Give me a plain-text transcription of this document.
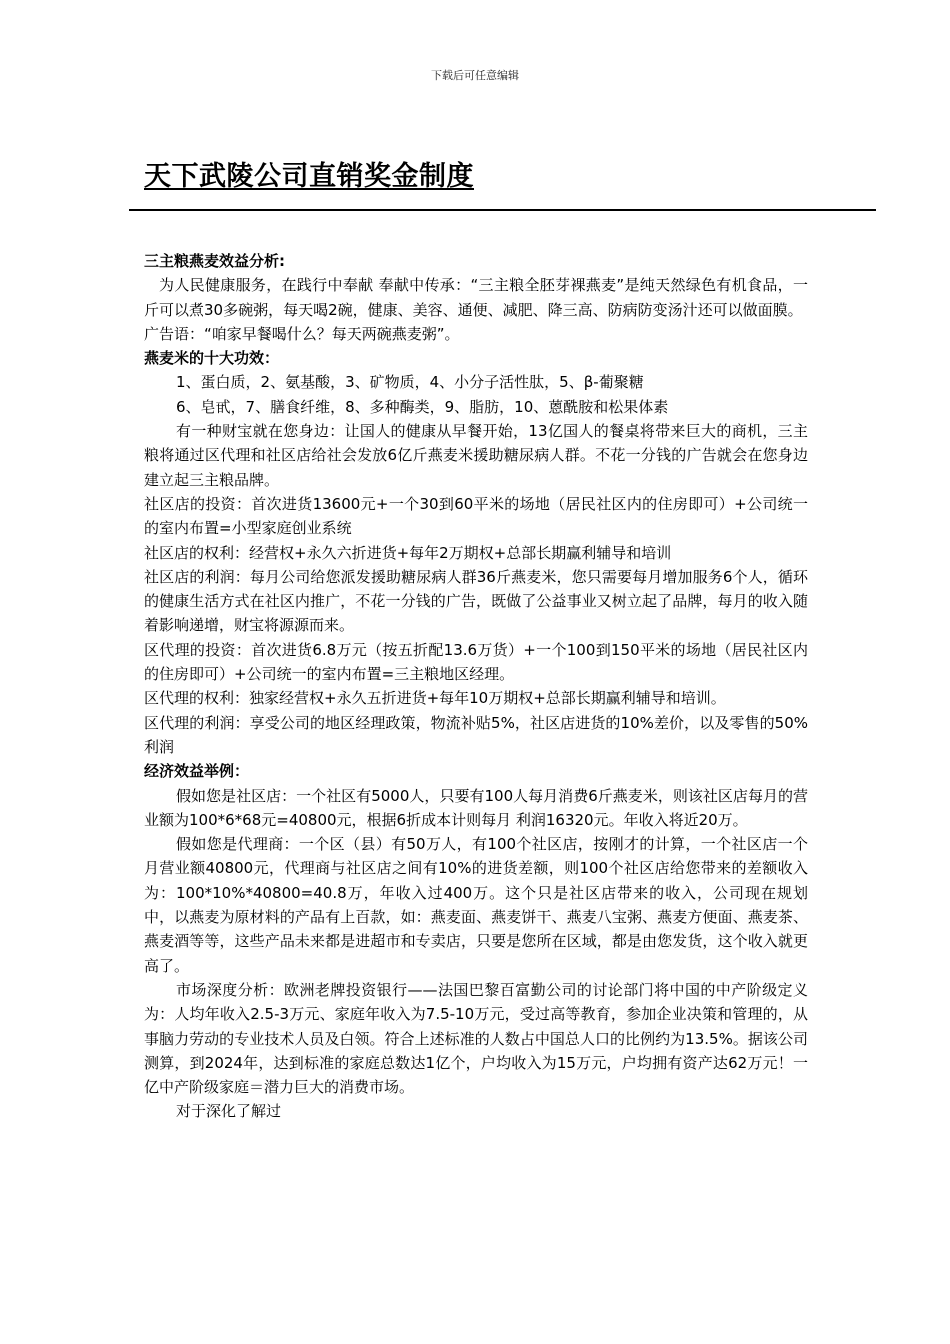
下载后可任意编辑
天下武陵公司直销奖金制度

三主粮燕麦效益分析:

为人民健康服务，在践行中奉献 奉献中传承：“三主粮全胚芽裸燕麦”是纯天然绿色有机食品，一斤可以煮30多碗粥，每天喝2碗，健康、美容、通便、减肥、降三高、防病防变汤汁还可以做面膜。

广告语：“咱家早餐喝什么？每天两碗燕麦粥”。

燕麦米的十大功效：

1、蛋白质，2、氨基酸，3、矿物质，4、小分子活性肽，5、β-葡聚糖

6、皂甙，7、膳食纤维，8、多种酶类，9、脂肪，10、蒽酰胺和松果体素

有一种财宝就在您身边：让国人的健康从早餐开始，13亿国人的餐桌将带来巨大的商机，三主粮将通过区代理和社区店给社会发放6亿斤燕麦米援助糖尿病人群。不花一分钱的广告就会在您身边建立起三主粮品牌。

社区店的投资：首次进货13600元+一个30到60平米的场地（居民社区内的住房即可）+公司统一的室内布置=小型家庭创业系统

社区店的权利：经营权+永久六折进货+每年2万期权+总部长期赢利辅导和培训

社区店的利润：每月公司给您派发援助糖尿病人群36斤燕麦米，您只需要每月增加服务6个人，循环的健康生活方式在社区内推广，不花一分钱的广告，既做了公益事业又树立起了品牌，每月的收入随着影响递增，财宝将源源而来。

区代理的投资：首次进货6.8万元（按五折配13.6万货）+一个100到150平米的场地（居民社区内的住房即可）+公司统一的室内布置=三主粮地区经理。

区代理的权利：独家经营权+永久五折进货+每年10万期权+总部长期赢利辅导和培训。

区代理的利润：享受公司的地区经理政策，物流补贴5%，社区店进货的10%差价，以及零售的50%利润

经济效益举例：

假如您是社区店：一个社区有5000人，只要有100人每月消费6斤燕麦米，则该社区店每月的营业额为100*6*68元=40800元，根据6折成本计则每月 利润16320元。年收入将近20万。

假如您是代理商：一个区（县）有50万人，有100个社区店，按刚才的计算，一个社区店一个月营业额40800元，代理商与社区店之间有10%的进货差额，则100个社区店给您带来的差额收入为：100*10%*40800=40.8万，年收入过400万。这个只是社区店带来的收入，公司现在规划中，以燕麦为原材料的产品有上百款，如：燕麦面、燕麦饼干、燕麦八宝粥、燕麦方便面、燕麦茶、燕麦酒等等，这些产品未来都是进超市和专卖店，只要是您所在区域，都是由您发货，这个收入就更高了。

市场深度分析：欧洲老牌投资银行——法国巴黎百富勤公司的讨论部门将中国的中产阶级定义为：人均年收入2.5-3万元、家庭年收入为7.5-10万元，受过高等教育，参加企业决策和管理的，从事脑力劳动的专业技术人员及白领。符合上述标准的人数占中国总人口的比例约为13.5%。据该公司测算，到2024年，达到标准的家庭总数达1亿个，户均收入为15万元，户均拥有资产达62万元！一亿中产阶级家庭＝潜力巨大的消费市场。

对于深化了解过
